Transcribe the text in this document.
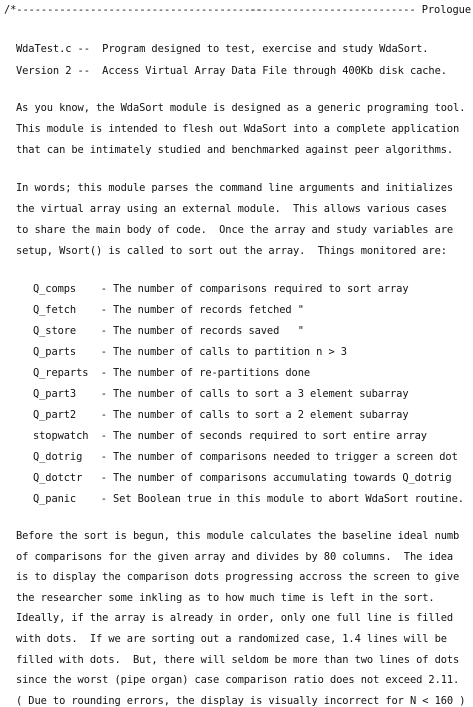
/*----------------------------------------
--------------------------- Prologue
WdaTest.c --  Program designed to test, exercise and study WdaSort.
Version 2 --  Access Virtual Array Data File through 400Kb disk cache.
As you know, the WdaSort module is designed as a generic programing tool.
This module is intended to flesh out WdaSort into a complete application
that can be intimately studied and benchmarked against peer algorithms.
In words; this module parses the command line arguments and initializes
the virtual array using an external module.  This allows various cases
to share the main body of code.  Once the array and study variables are
setup, Wsort() is called to sort out the array.  Things monitored are:
Q_comps    - The number of comparisons required to sort array
Q_fetch    - The number of records fetched "
Q_store    - The number of records saved   "
Q_parts    - The number of calls to partition n > 3
Q_reparts  - The number of re-partitions done
Q_part3    - The number of calls to sort a 3 element subarray
Q_part2    - The number of calls to sort a 2 element subarray
stopwatch  - The number of seconds required to sort entire array
Q_dotrig   - The number of comparisons needed to trigger a screen dot
Q_dotctr   - The number of comparisons accumulating towards Q_dotrig
Q_panic    - Set Boolean true in this module to abort WdaSort routine.
Before the sort is begun, this module calculates the baseline ideal numb
of comparisons for the given array and divides by 80 columns.  The idea
is to display the comparison dots progressing accross the screen to give
the researcher some inkling as to how much time is left in the sort.
Ideally, if the array is already in order, only one full line is filled
with dots.  If we are sorting out a randomized case, 1.4 lines will be
filled with dots.  But, there will seldom be more than two lines of dots
since the worst (pipe organ) case comparison ratio does not exceed 2.11.
( Due to rounding errors, the display is visually incorrect for N < 160 )
